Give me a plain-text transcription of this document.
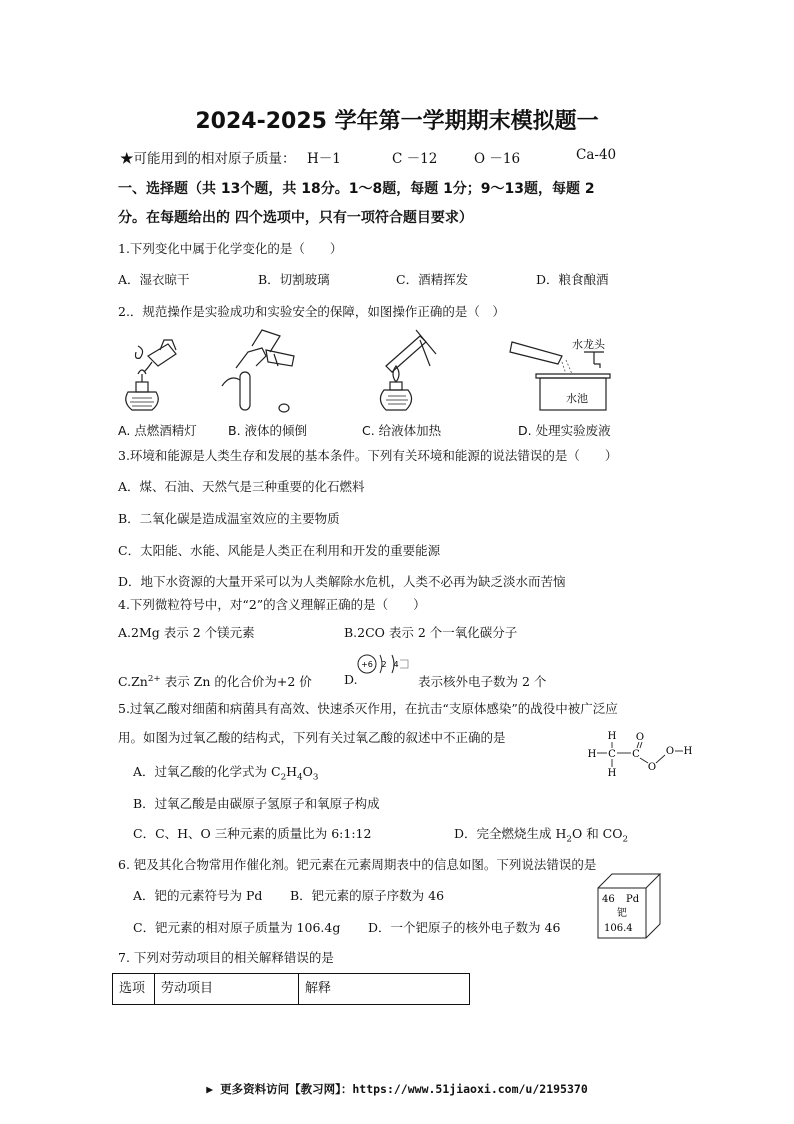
2024-2025 学年第一学期期末模拟题一
★可能用到的相对原子质量： H－1	C －12	O －16	Ca-40
一、选择题（共 13个题，共 18分。1～8题，每题 1分；9～13题，每题 2
分。在每题给出的 四个选项中，只有一项符合题目要求）
1.下列变化中属于化学变化的是（　　）
A．湿衣晾干	B．切割玻璃	C．酒精挥发	D．粮食酿酒
2.．规范操作是实验成功和实验安全的保障，如图操作正确的是（　）
水龙头
水池
A. 点燃酒精灯 B. 液体的倾倒	C. 给液体加热	D. 处理实验废液
3.环境和能源是人类生存和发展的基本条件。下列有关环境和能源的说法错误的是（　　）
A．煤、石油、天然气是三种重要的化石燃料
B．二氧化碳是造成温室效应的主要物质
C．太阳能、水能、风能是人类正在利用和开发的重要能源
D．地下水资源的大量开采可以为人类解除水危机，人类不必再为缺乏淡水而苦恼
4.下列微粒符号中，对“2”的含义理解正确的是（　　）
A.2Mg 表示 2 个镁元素	B.2CO 表示 2 个一氧化碳分子
$C.Zn^{2+}$ 表示 Zn 的化合价为+2 价	D.
+6 2 4
表示核外电子数为 2 个
5.过氧乙酸对细菌和病菌具有高效、快速杀灭作用，在抗击“支原体感染”的战役中被广泛应
用。如图为过氧乙酸的结构式，下列有关过氧乙酸的叙述中不正确的是
H C C
O
O
O H
H
H
A．过氧乙酸的化学式为 $C_2H_4O_3$
B．过氧乙酸是由碳原子氢原子和氧原子构成
C．C、H、O 三种元素的质量比为 6:1:12	D．完全燃烧生成 $H_2O$ 和 $CO_2$
6. 钯及其化合物常用作催化剂。钯元素在元素周期表中的信息如图。下列说法错误的是
A．钯的元素符号为 Pd B．钯元素的原子序数为 46
C．钯元素的相对原子质量为 106.4g D．一个钯原子的核外电子数为 46
46 Pd
钯
106.4
7. 下列对劳动项目的相关解释错误的是
选项	劳动项目	解释
▶ 更多资料访问【教习网】：https://www.51jiaoxi.com/u/2195370
